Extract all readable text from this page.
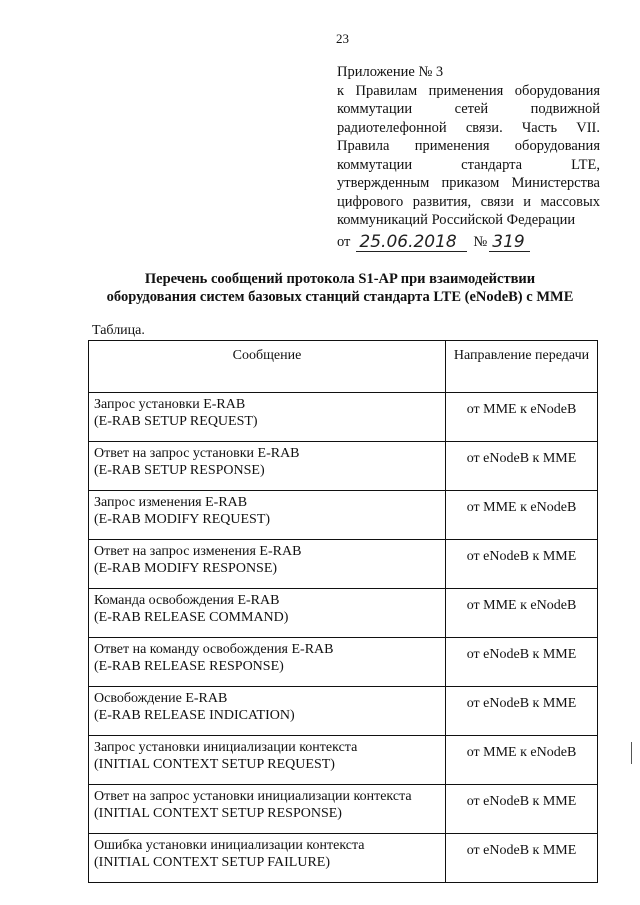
23
Приложение № 3
к Правилам применения оборудования
коммутации сетей подвижной
радиотелефонной связи. Часть VII.
Правила применения оборудования
коммутации стандарта LTE,
утвержденным приказом Министерства
цифрового развития, связи и массовых
коммуникаций Российской Федерации
от 25.06.2018	№ 319
Перечень сообщений протокола S1-AP при взаимодействии
оборудования систем базовых станций стандарта LTE (eNodeB) с MME
Таблица.
Сообщение	Направление передачи

Запрос установки E-RAB
(E-RAB SETUP REQUEST)	от MME к eNodeB

Ответ на запрос установки E-RAB
(E-RAB SETUP RESPONSE)	от eNodeB к MME

Запрос изменения E-RAB
(E-RAB MODIFY REQUEST)	от MME к eNodeB

Ответ на запрос изменения E-RAB
(E-RAB MODIFY RESPONSE)	от eNodeB к MME

Команда освобождения E-RAB
(E-RAB RELEASE COMMAND)	от MME к eNodeB

Ответ на команду освобождения E-RAB
(E-RAB RELEASE RESPONSE)	от eNodeB к MME

Освобождение E-RAB
(E-RAB RELEASE INDICATION)	от eNodeB к MME

Запрос установки инициализации контекста
(INITIAL CONTEXT SETUP REQUEST)	от MME к eNodeB

Ответ на запрос установки инициализации контекста
(INITIAL CONTEXT SETUP RESPONSE)	от eNodeB к MME

Ошибка установки инициализации контекста
(INITIAL CONTEXT SETUP FAILURE)	от eNodeB к MME
